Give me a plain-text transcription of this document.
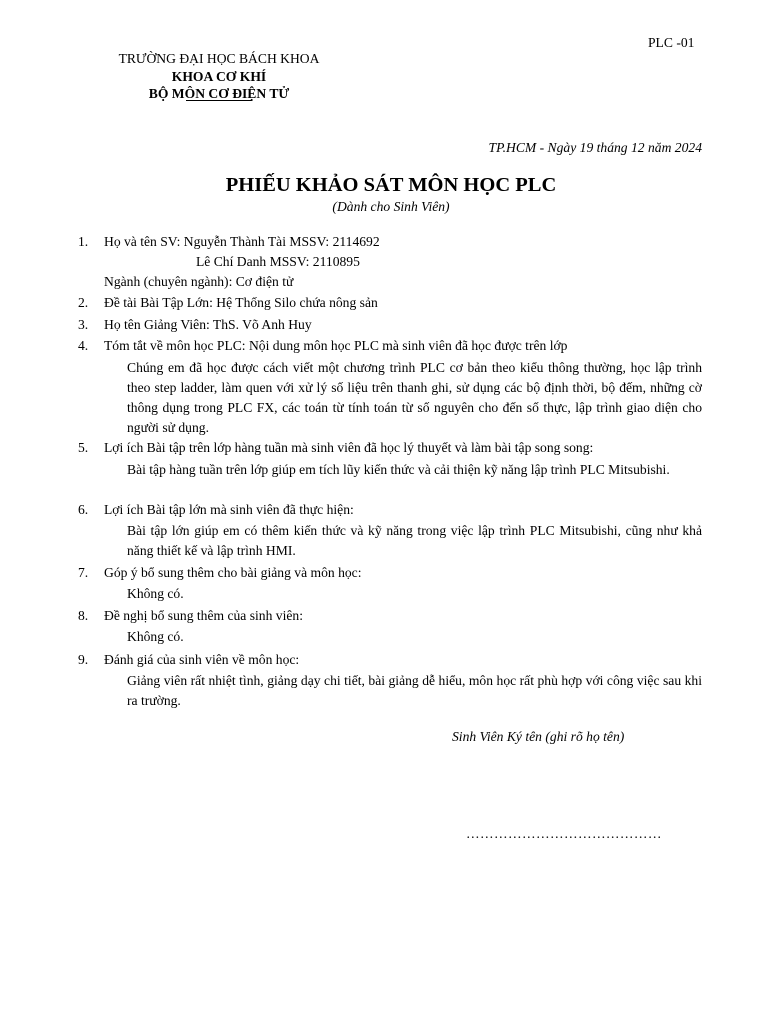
PLC -01
TRƯỜNG ĐẠI HỌC BÁCH KHOA
KHOA CƠ KHÍ
BỘ MÔN CƠ ĐIỆN TỬ
TP.HCM - Ngày 19 tháng 12 năm 2024
PHIẾU KHẢO SÁT MÔN HỌC PLC
(Dành cho Sinh Viên)
1.	Họ và tên SV: Nguyễn Thành Tài MSSV: 2114692
Lê Chí Danh MSSV: 2110895
Ngành (chuyên ngành): Cơ điện tử
2.	Đề tài Bài Tập Lớn: Hệ Thống Silo chứa nông sản
3.	Họ tên Giảng Viên: ThS. Võ Anh Huy
4.	Tóm tắt về môn học PLC: Nội dung môn học PLC mà sinh viên đã học được trên lớp
Chúng em đã học được cách viết một chương trình PLC cơ bản theo kiểu thông thường, học lập trình theo step ladder, làm quen với xử lý số liệu trên thanh ghi, sử dụng các bộ định thời, bộ đếm, những cờ thông dụng trong PLC FX, các toán từ tính toán từ số nguyên cho đến số thực, lập trình giao diện cho người sử dụng.
5.	Lợi ích Bài tập trên lớp hàng tuần mà sinh viên đã học lý thuyết và làm bài tập song song:
Bài tập hàng tuần trên lớp giúp em tích lũy kiến thức và cải thiện kỹ năng lập trình PLC Mitsubishi.
6.	Lợi ích Bài tập lớn mà sinh viên đã thực hiện:
Bài tập lớn giúp em có thêm kiến thức và kỹ năng trong việc lập trình PLC Mitsubishi, cũng như khả năng thiết kế và lập trình HMI.
7.	Góp ý bổ sung thêm cho bài giảng và môn học:
Không có.
8.	Đề nghị bổ sung thêm của sinh viên:
Không có.
9.	Đánh giá của sinh viên về môn học:
Giảng viên rất nhiệt tình, giảng dạy chi tiết, bài giảng dễ hiểu, môn học rất phù hợp với công việc sau khi ra trường.
Sinh Viên Ký tên (ghi rõ họ tên)
……………………………………
